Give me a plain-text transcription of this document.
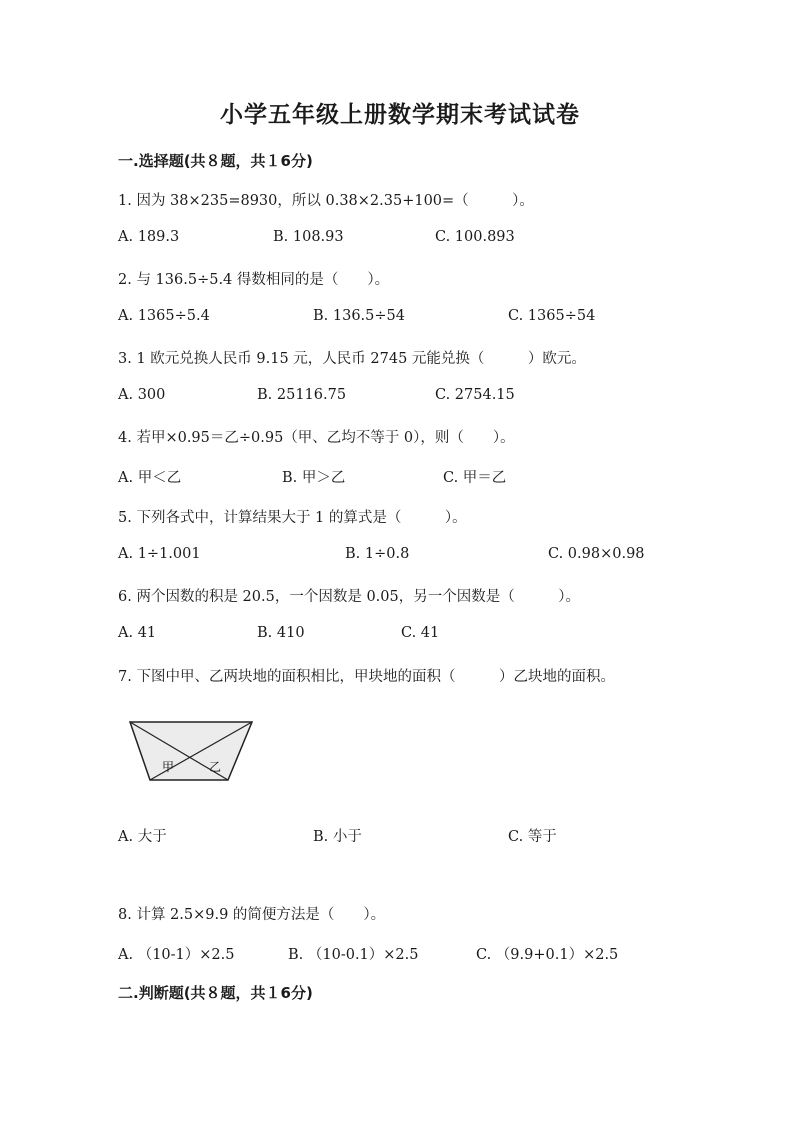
小学五年级上册数学期末考试试卷
一.选择题(共８题，共１6分)
1. 因为 38×235=8930，所以 0.38×2.35+100=（　　　）。
A. 189.3	B. 108.93	C. 100.893
2. 与 136.5÷5.4 得数相同的是（　　）。
A. 1365÷5.4	B. 136.5÷54	C. 1365÷54
3. 1 欧元兑换人民币 9.15 元，人民币 2745 元能兑换（　　　）欧元。
A. 300	B. 25116.75	C. 2754.15
4. 若甲×0.95＝乙÷0.95（甲、乙均不等于 0），则（　　）。
A. 甲＜乙	B. 甲＞乙	C. 甲＝乙
5. 下列各式中，计算结果大于 1 的算式是（　　　）。
A. 1÷1.001	B. 1÷0.8	C. 0.98×0.98
6. 两个因数的积是 20.5，一个因数是 0.05，另一个因数是（　　　）。
A. 41	B. 410	C. 41
7. 下图中甲、乙两块地的面积相比，甲块地的面积（　　　）乙块地的面积。
甲	乙
A. 大于	B. 小于	C. 等于
8. 计算 2.5×9.9 的简便方法是（　　）。
A. （10-1）×2.5	B. （10-0.1）×2.5	C. （9.9+0.1）×2.5
二.判断题(共８题，共１6分)
